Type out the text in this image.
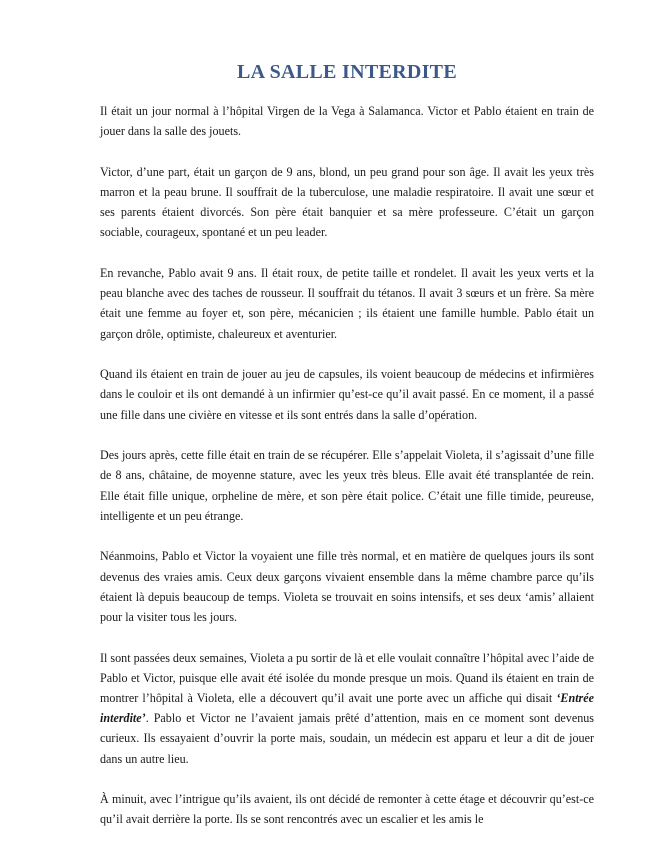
LA SALLE INTERDITE

Il était un jour normal à l’hôpital Virgen de la Vega à Salamanca. Victor et Pablo étaient en train de jouer dans la salle des jouets.

Victor, d’une part, était un garçon de 9 ans, blond, un peu grand pour son âge. Il avait les yeux très marron et la peau brune. Il souffrait de la tuberculose, une maladie respiratoire. Il avait une sœur et ses parents étaient divorcés. Son père était banquier et sa mère professeure. C’était un garçon sociable, courageux, spontané et un peu leader.

En revanche, Pablo avait 9 ans. Il était roux, de petite taille et rondelet. Il avait les yeux verts et la peau blanche avec des taches de rousseur. Il souffrait du tétanos. Il avait 3 sœurs et un frère. Sa mère était une femme au foyer et, son père, mécanicien ; ils étaient une famille humble. Pablo était un garçon drôle, optimiste, chaleureux et aventurier.

Quand ils étaient en train de jouer au jeu de capsules, ils voient beaucoup de médecins et infirmières dans le couloir et ils ont demandé à un infirmier qu’est-ce qu’il avait passé. En ce moment, il a passé une fille dans une civière en vitesse et ils sont entrés dans la salle d’opération.

Des jours après, cette fille était en train de se récupérer. Elle s’appelait Violeta, il s’agissait d’une fille de 8 ans, châtaine, de moyenne stature, avec les yeux très bleus. Elle avait été transplantée de rein. Elle était fille unique, orpheline de mère, et son père était police. C’était une fille timide, peureuse, intelligente et un peu étrange.

Néanmoins, Pablo et Victor la voyaient une fille très normal, et en matière de quelques jours ils sont devenus des vraies amis. Ceux deux garçons vivaient ensemble dans la même chambre parce qu’ils étaient là depuis beaucoup de temps. Violeta se trouvait en soins intensifs, et ses deux ‘amis’ allaient pour la visiter tous les jours.

Il sont passées deux semaines, Violeta a pu sortir de là et elle voulait connaître l’hôpital avec l’aide de Pablo et Victor, puisque elle avait été isolée du monde presque un mois. Quand ils étaient en train de montrer l’hôpital à Violeta, elle a découvert qu’il avait une porte avec un affiche qui disait ‘Entrée interdite’. Pablo et Victor ne l’avaient jamais prêté d’attention, mais en ce moment sont devenus curieux. Ils essayaient d’ouvrir la porte mais, soudain, un médecin est apparu et leur a dit de jouer dans un autre lieu.

À minuit, avec l’intrigue qu’ils avaient, ils ont décidé de remonter à cette étage et découvrir qu’est-ce qu’il avait derrière la porte. Ils se sont rencontrés avec un escalier et les amis le
